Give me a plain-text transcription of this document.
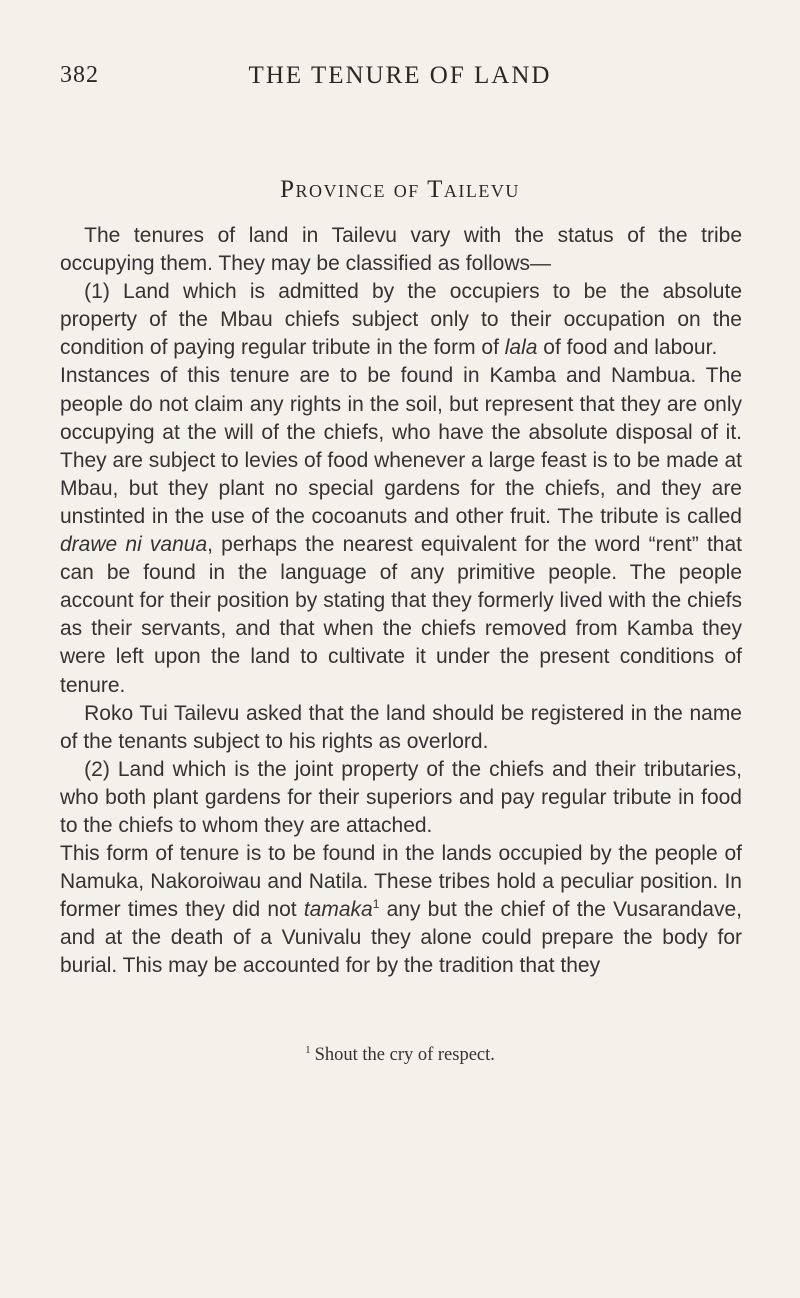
382	THE TENURE OF LAND
Province of Tailevu

The tenures of land in Tailevu vary with the status of the tribe occupying them. They may be classified as follows—

(1) Land which is admitted by the occupiers to be the absolute property of the Mbau chiefs subject only to their occupation on the condition of paying regular tribute in the form of lala of food and labour.

Instances of this tenure are to be found in Kamba and Nambua. The people do not claim any rights in the soil, but represent that they are only occupying at the will of the chiefs, who have the absolute disposal of it. They are subject to levies of food whenever a large feast is to be made at Mbau, but they plant no special gardens for the chiefs, and they are unstinted in the use of the cocoanuts and other fruit. The tribute is called drawe ni vanua, perhaps the nearest equivalent for the word “rent” that can be found in the language of any primitive people. The people account for their position by stating that they formerly lived with the chiefs as their servants, and that when the chiefs removed from Kamba they were left upon the land to cultivate it under the present conditions of tenure.

Roko Tui Tailevu asked that the land should be registered in the name of the tenants subject to his rights as overlord.

(2) Land which is the joint property of the chiefs and their tributaries, who both plant gardens for their superiors and pay regular tribute in food to the chiefs to whom they are attached.

This form of tenure is to be found in the lands occupied by the people of Namuka, Nakoroiwau and Natila. These tribes hold a peculiar position. In former times they did not tamaka$^1$ any but the chief of the Vusarandave, and at the death of a Vunivalu they alone could prepare the body for burial. This may be accounted for by the tradition that they

$^1$ Shout the cry of respect.
